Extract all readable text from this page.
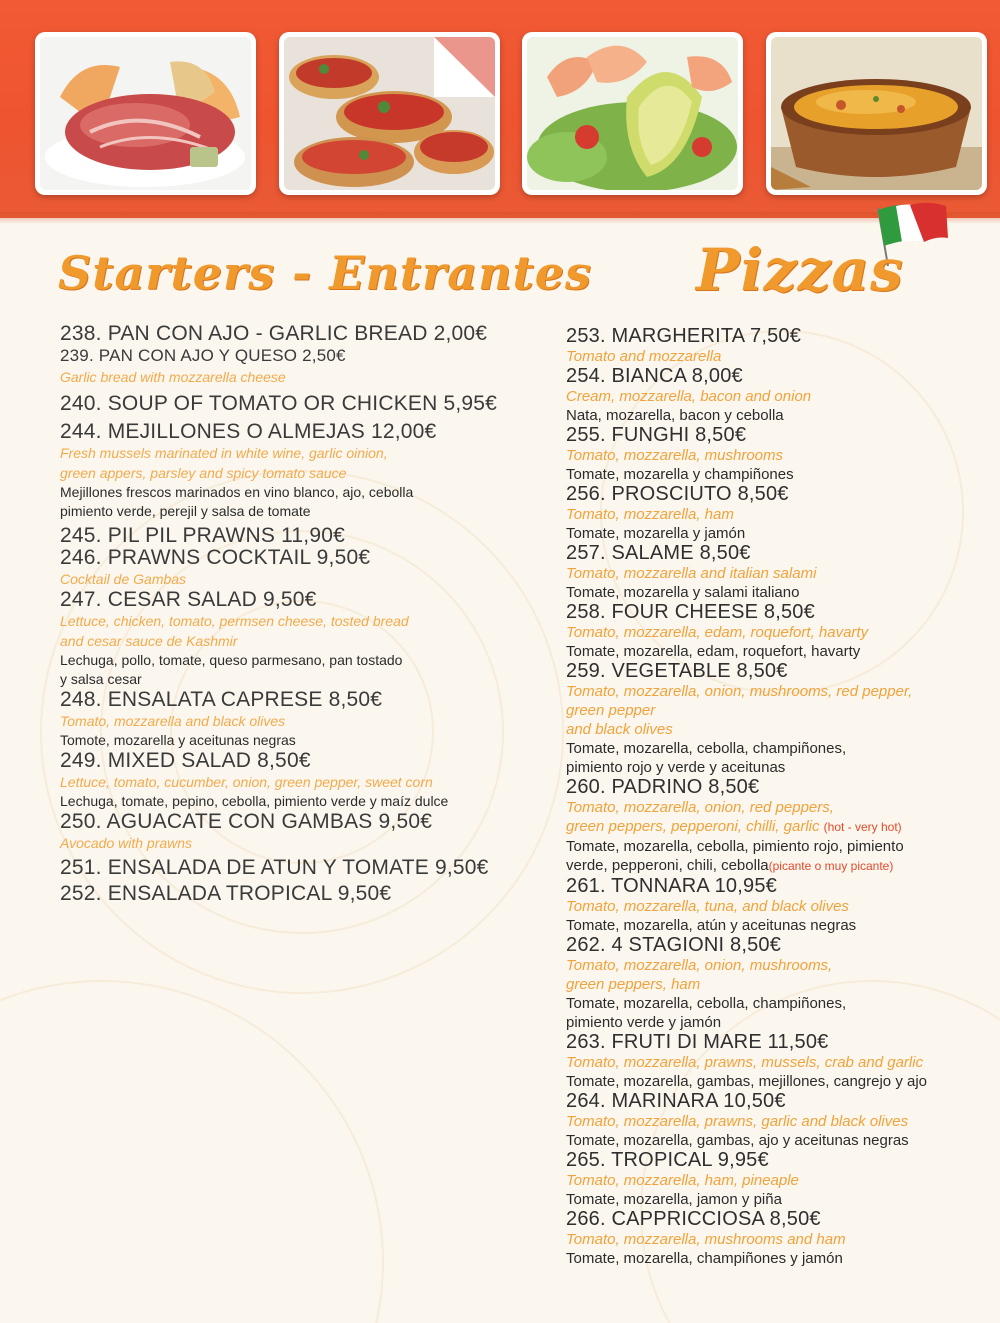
Starters - Entrantes Pizzas
238. PAN CON AJO - GARLIC BREAD 2,00€
239. PAN CON AJO Y QUESO 2,50€
Garlic bread with mozzarella cheese
240. SOUP OF TOMATO OR CHICKEN 5,95€
244. MEJILLONES O ALMEJAS 12,00€
Fresh mussels marinated in white wine, garlic oinion,
green appers, parsley and spicy tomato sauce
Mejillones frescos marinados en vino blanco, ajo, cebolla
pimiento verde, perejil y salsa de tomate
245. PIL PIL PRAWNS 11,90€
246. PRAWNS COCKTAIL 9,50€
Cocktail de Gambas
247. CESAR SALAD 9,50€
Lettuce, chicken, tomato, permsen cheese, tosted bread
and cesar sauce de Kashmir
Lechuga, pollo, tomate, queso parmesano, pan tostado
y salsa cesar
248. ENSALATA CAPRESE 8,50€
Tomato, mozzarella and black olives
Tomote, mozarella y aceitunas negras
249. MIXED SALAD 8,50€
Lettuce, tomato, cucumber, onion, green pepper, sweet corn
Lechuga, tomate, pepino, cebolla, pimiento verde y maíz dulce
250. AGUACATE CON GAMBAS 9,50€
Avocado with prawns
251. ENSALADA DE ATUN Y TOMATE 9,50€
252. ENSALADA TROPICAL 9,50€
253. MARGHERITA 7,50€
Tomato and mozzarella
254. BIANCA 8,00€
Cream, mozzarella, bacon and onion
Nata, mozarella, bacon y cebolla
255. FUNGHI 8,50€
Tomato, mozzarella, mushrooms
Tomate, mozarella y champiñones
256. PROSCIUTO 8,50€
Tomato, mozzarella, ham
Tomate, mozarella y jamón
257. SALAME 8,50€
Tomato, mozzarella and italian salami
Tomate, mozarella y salami italiano
258. FOUR CHEESE 8,50€
Tomato, mozzarella, edam, roquefort, havarty
Tomate, mozarella, edam, roquefort, havarty
259. VEGETABLE 8,50€
Tomato, mozzarella, onion, mushrooms, red pepper,
green pepper
and black olives
Tomate, mozarella, cebolla, champiñones,
pimiento rojo y verde y aceitunas
260. PADRINO 8,50€
Tomato, mozzarella, onion, red peppers,
green peppers, pepperoni, chilli, garlic (hot - very hot)
Tomate, mozarella, cebolla, pimiento rojo, pimiento
verde, pepperoni, chili, cebolla(picante o muy picante)
261. TONNARA 10,95€
Tomato, mozzarella, tuna, and black olives
Tomate, mozarella, atún y aceitunas negras
262. 4 STAGIONI 8,50€
Tomato, mozzarella, onion, mushrooms,
green peppers, ham
Tomate, mozarella, cebolla, champiñones,
pimiento verde y jamón
263. FRUTI DI MARE 11,50€
Tomato, mozzarella, prawns, mussels, crab and garlic
Tomate, mozarella, gambas, mejillones, cangrejo y ajo
264. MARINARA 10,50€
Tomato, mozzarella, prawns, garlic and black olives
Tomate, mozarella, gambas, ajo y aceitunas negras
265. TROPICAL 9,95€
Tomato, mozzarella, ham, pineaple
Tomate, mozarella, jamon y piña
266. CAPPRICCIOSA 8,50€
Tomato, mozzarella, mushrooms and ham
Tomate, mozarella, champiñones y jamón
